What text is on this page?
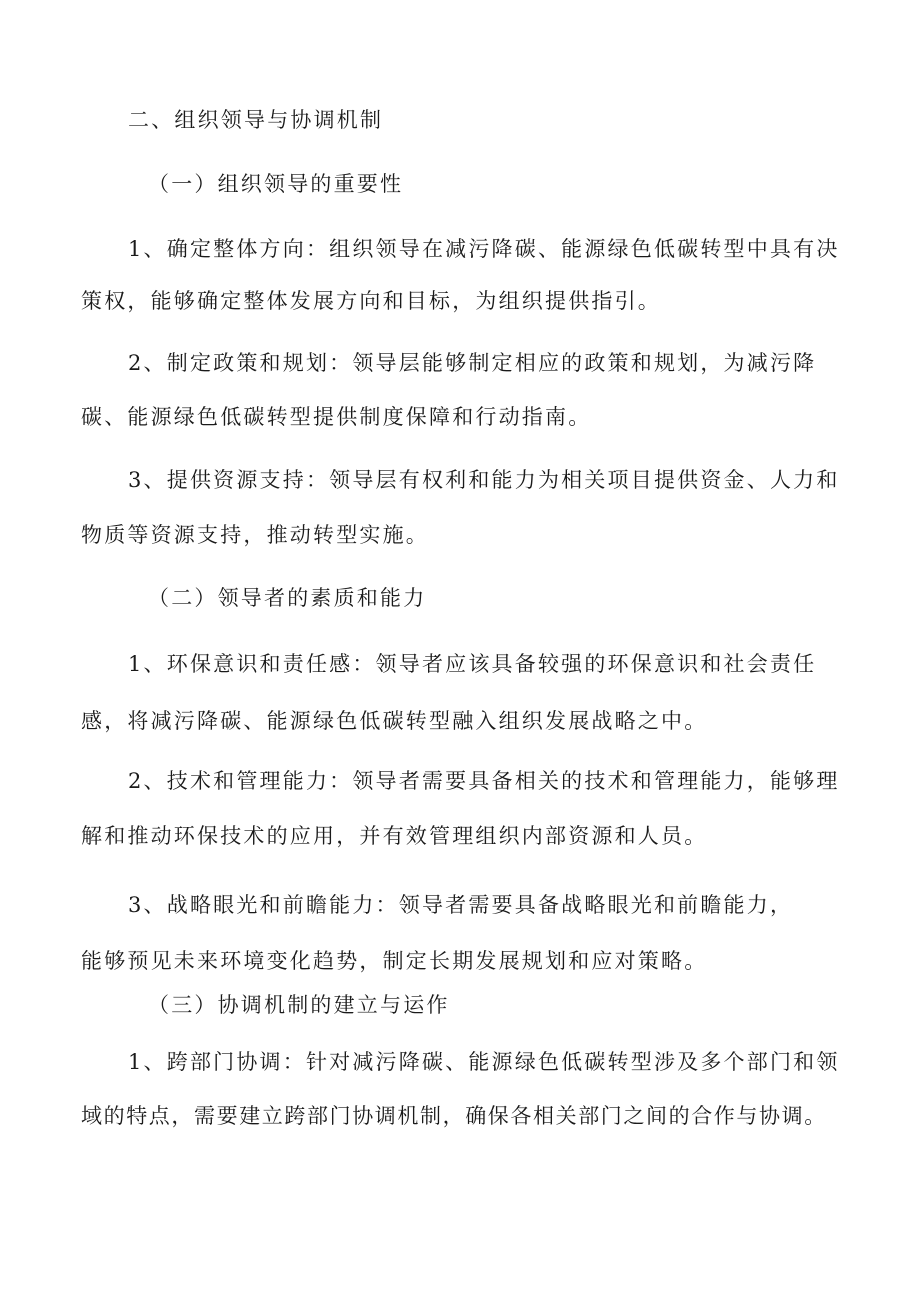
二、组织领导与协调机制
（一）组织领导的重要性
1、确定整体方向：组织领导在减污降碳、能源绿色低碳转型中具有决
策权，能够确定整体发展方向和目标，为组织提供指引。
2、制定政策和规划：领导层能够制定相应的政策和规划，为减污降
碳、能源绿色低碳转型提供制度保障和行动指南。
3、提供资源支持：领导层有权利和能力为相关项目提供资金、人力和
物质等资源支持，推动转型实施。
（二）领导者的素质和能力
1、环保意识和责任感：领导者应该具备较强的环保意识和社会责任
感，将减污降碳、能源绿色低碳转型融入组织发展战略之中。
2、技术和管理能力：领导者需要具备相关的技术和管理能力，能够理
解和推动环保技术的应用，并有效管理组织内部资源和人员。
3、战略眼光和前瞻能力：领导者需要具备战略眼光和前瞻能力，
能够预见未来环境变化趋势，制定长期发展规划和应对策略。
（三）协调机制的建立与运作
1、跨部门协调：针对减污降碳、能源绿色低碳转型涉及多个部门和领
域的特点，需要建立跨部门协调机制，确保各相关部门之间的合作与协调。
